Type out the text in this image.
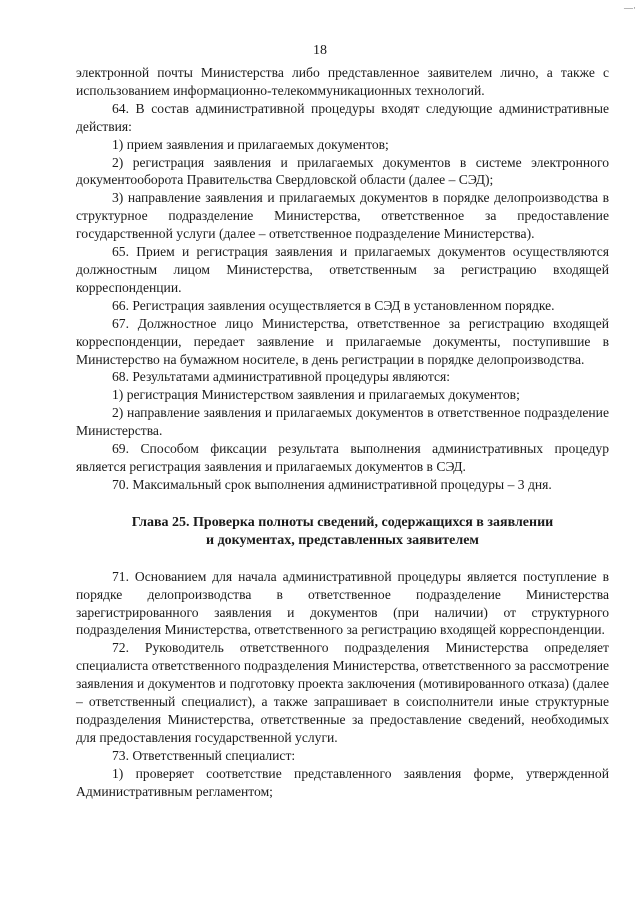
—·
18

электронной почты Министерства либо представленное заявителем лично, а также с использованием информационно-телекоммуникационных технологий.

64. В состав административной процедуры входят следующие административные действия:

1) прием заявления и прилагаемых документов;

2) регистрация заявления и прилагаемых документов в системе электронного документооборота Правительства Свердловской области (далее – СЭД);

3) направление заявления и прилагаемых документов в порядке делопроизводства в структурное подразделение Министерства, ответственное за предоставление государственной услуги (далее – ответственное подразделение Министерства).

65. Прием и регистрация заявления и прилагаемых документов осуществляются должностным лицом Министерства, ответственным за регистрацию входящей корреспонденции.

66. Регистрация заявления осуществляется в СЭД в установленном порядке.

67. Должностное лицо Министерства, ответственное за регистрацию входящей корреспонденции, передает заявление и прилагаемые документы, поступившие в Министерство на бумажном носителе, в день регистрации в порядке делопроизводства.

68. Результатами административной процедуры являются:

1) регистрация Министерством заявления и прилагаемых документов;

2) направление заявления и прилагаемых документов в ответственное подразделение Министерства.

69. Способом фиксации результата выполнения административных процедур является регистрация заявления и прилагаемых документов в СЭД.

70. Максимальный срок выполнения административной процедуры – 3 дня.

Глава 25. Проверка полноты сведений, содержащихся в заявлении
и документах, представленных заявителем

71. Основанием для начала административной процедуры является поступление в порядке делопроизводства в ответственное подразделение Министерства зарегистрированного заявления и документов (при наличии) от структурного подразделения Министерства, ответственного за регистрацию входящей корреспонденции.

72. Руководитель ответственного подразделения Министерства определяет специалиста ответственного подразделения Министерства, ответственного за рассмотрение заявления и документов и подготовку проекта заключения (мотивированного отказа) (далее – ответственный специалист), а также запрашивает в соисполнители иные структурные подразделения Министерства, ответственные за предоставление сведений, необходимых для предоставления государственной услуги.

73. Ответственный специалист:

1) проверяет соответствие представленного заявления форме, утвержденной Административным регламентом;
